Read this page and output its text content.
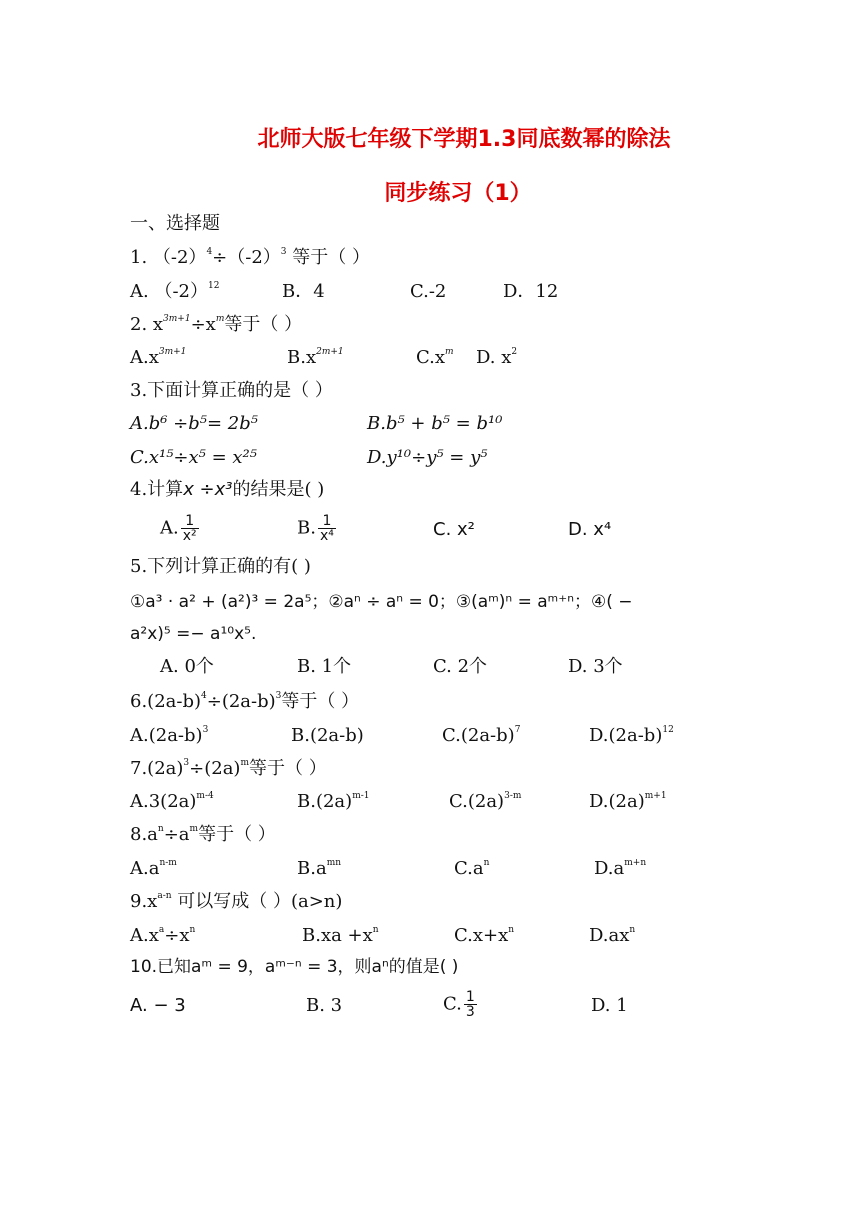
北师大版七年级下学期1.3同底数幂的除法
同步练习（1）
一、选择题
1. $(-2)^4\div(-2)^3$ 等于（ ）
A. $(-2)^{12}$	B．4	C.-2	D．12
2. $x^{3m+1}\div x^m$等于（ ）
$A.x^{3m+1}$	$B.x^{2m+1}$	$C.x^m$ D. $x^2$
3.下面计算正确的是（ ）
A.b⁶ ÷b⁵= 2b⁵	B.b⁵ + b⁵ = b¹⁰
C.x¹⁵÷x⁵ = x²⁵	D.y¹⁰÷y⁵ = y⁵
4.计算x ÷x³的结果是( )
A. $\frac{1}{\text{x²}}$	B. $\frac{1}{\text{x⁴}}$	C. x²	D. x⁴
5.下列计算正确的有( )
①a³ · a² + (a²)³ = 2a⁵；②aⁿ ÷ aⁿ = 0；③(aᵐ)ⁿ = aᵐ⁺ⁿ；④( −
a²x)⁵ =− a¹⁰x⁵.
A. 0个	B. 1个	C. 2个	D. 3个
$6.(2a-b)^4\div(2a-b)^3$等于（ ）
$A.(2a-b)^3$	B.(2a-b)	$C.(2a-b)^7$	$D.(2a-b)^{12}$
$7.(2a)^3\div(2a)^m$等于（ ）
$A.3(2a)^{m-4}$	$B.(2a)^{m-1}$	$C.(2a)^{3-m}$	$D.(2a)^{m+1}$
$8.a^n\div a^m$等于（ ）
$A.a^{n-m}$	$B.a^{mn}$	$C.a^n$	$D.a^{m+n}$
$9.x^{a-n}$ 可以写成（ ）(a>n)
$A.x^a\div x^n$	$B.xa +x^n$	$C.x+x^n$	$D.ax^n$
10.已知aᵐ = 9，aᵐ⁻ⁿ = 3，则aⁿ的值是( )
A. − 3	B. 3	C. $\frac{1}{3}$	D. 1
